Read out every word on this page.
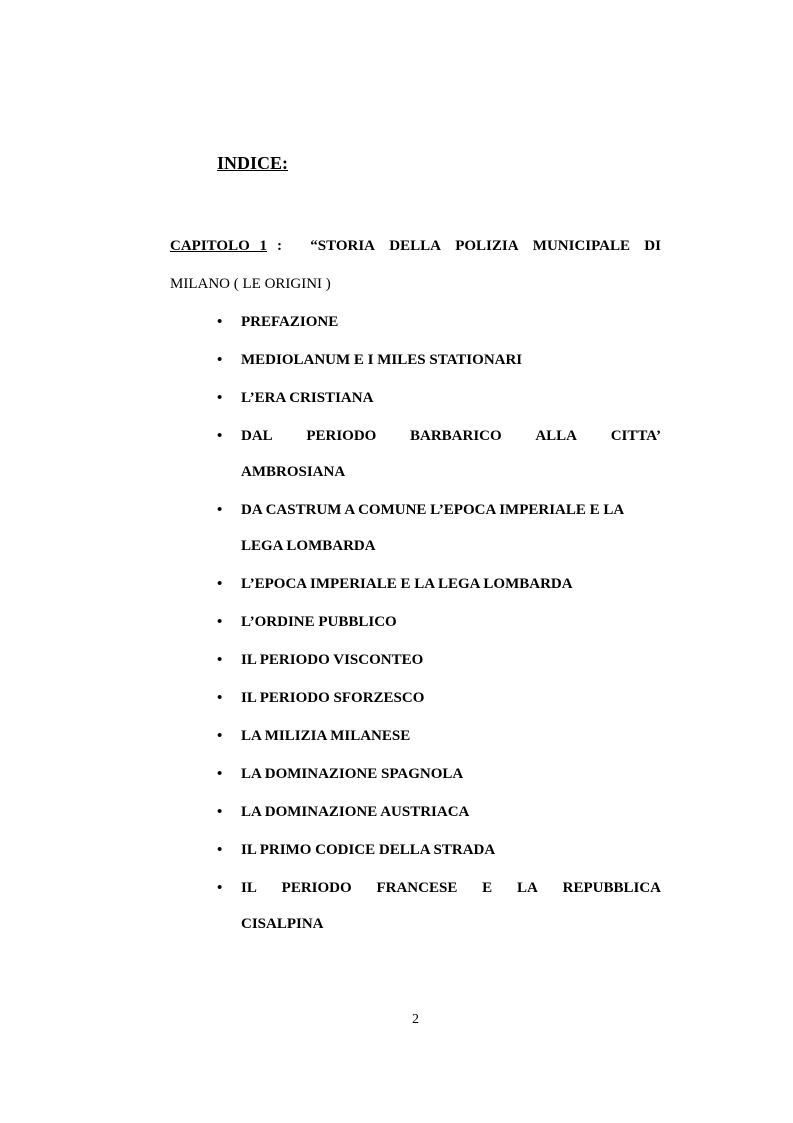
INDICE:
CAPITOLO 1 : “STORIA DELLA POLIZIA MUNICIPALE DI
MILANO ( LE ORIGINI )
•	PREFAZIONE
•	MEDIOLANUM E I MILES STATIONARI
•	L’ERA CRISTIANA
•	DAL PERIODO BARBARICO ALLA CITTA’
AMBROSIANA
•	DA CASTRUM A COMUNE L’EPOCA IMPERIALE E LA
LEGA LOMBARDA
•	L’EPOCA IMPERIALE E LA LEGA LOMBARDA
•	L’ORDINE PUBBLICO
•	IL PERIODO VISCONTEO
•	IL PERIODO SFORZESCO
•	LA MILIZIA MILANESE
•	LA DOMINAZIONE SPAGNOLA
•	LA DOMINAZIONE AUSTRIACA
•	IL PRIMO CODICE DELLA STRADA
•	IL PERIODO FRANCESE E LA REPUBBLICA
CISALPINA
2
